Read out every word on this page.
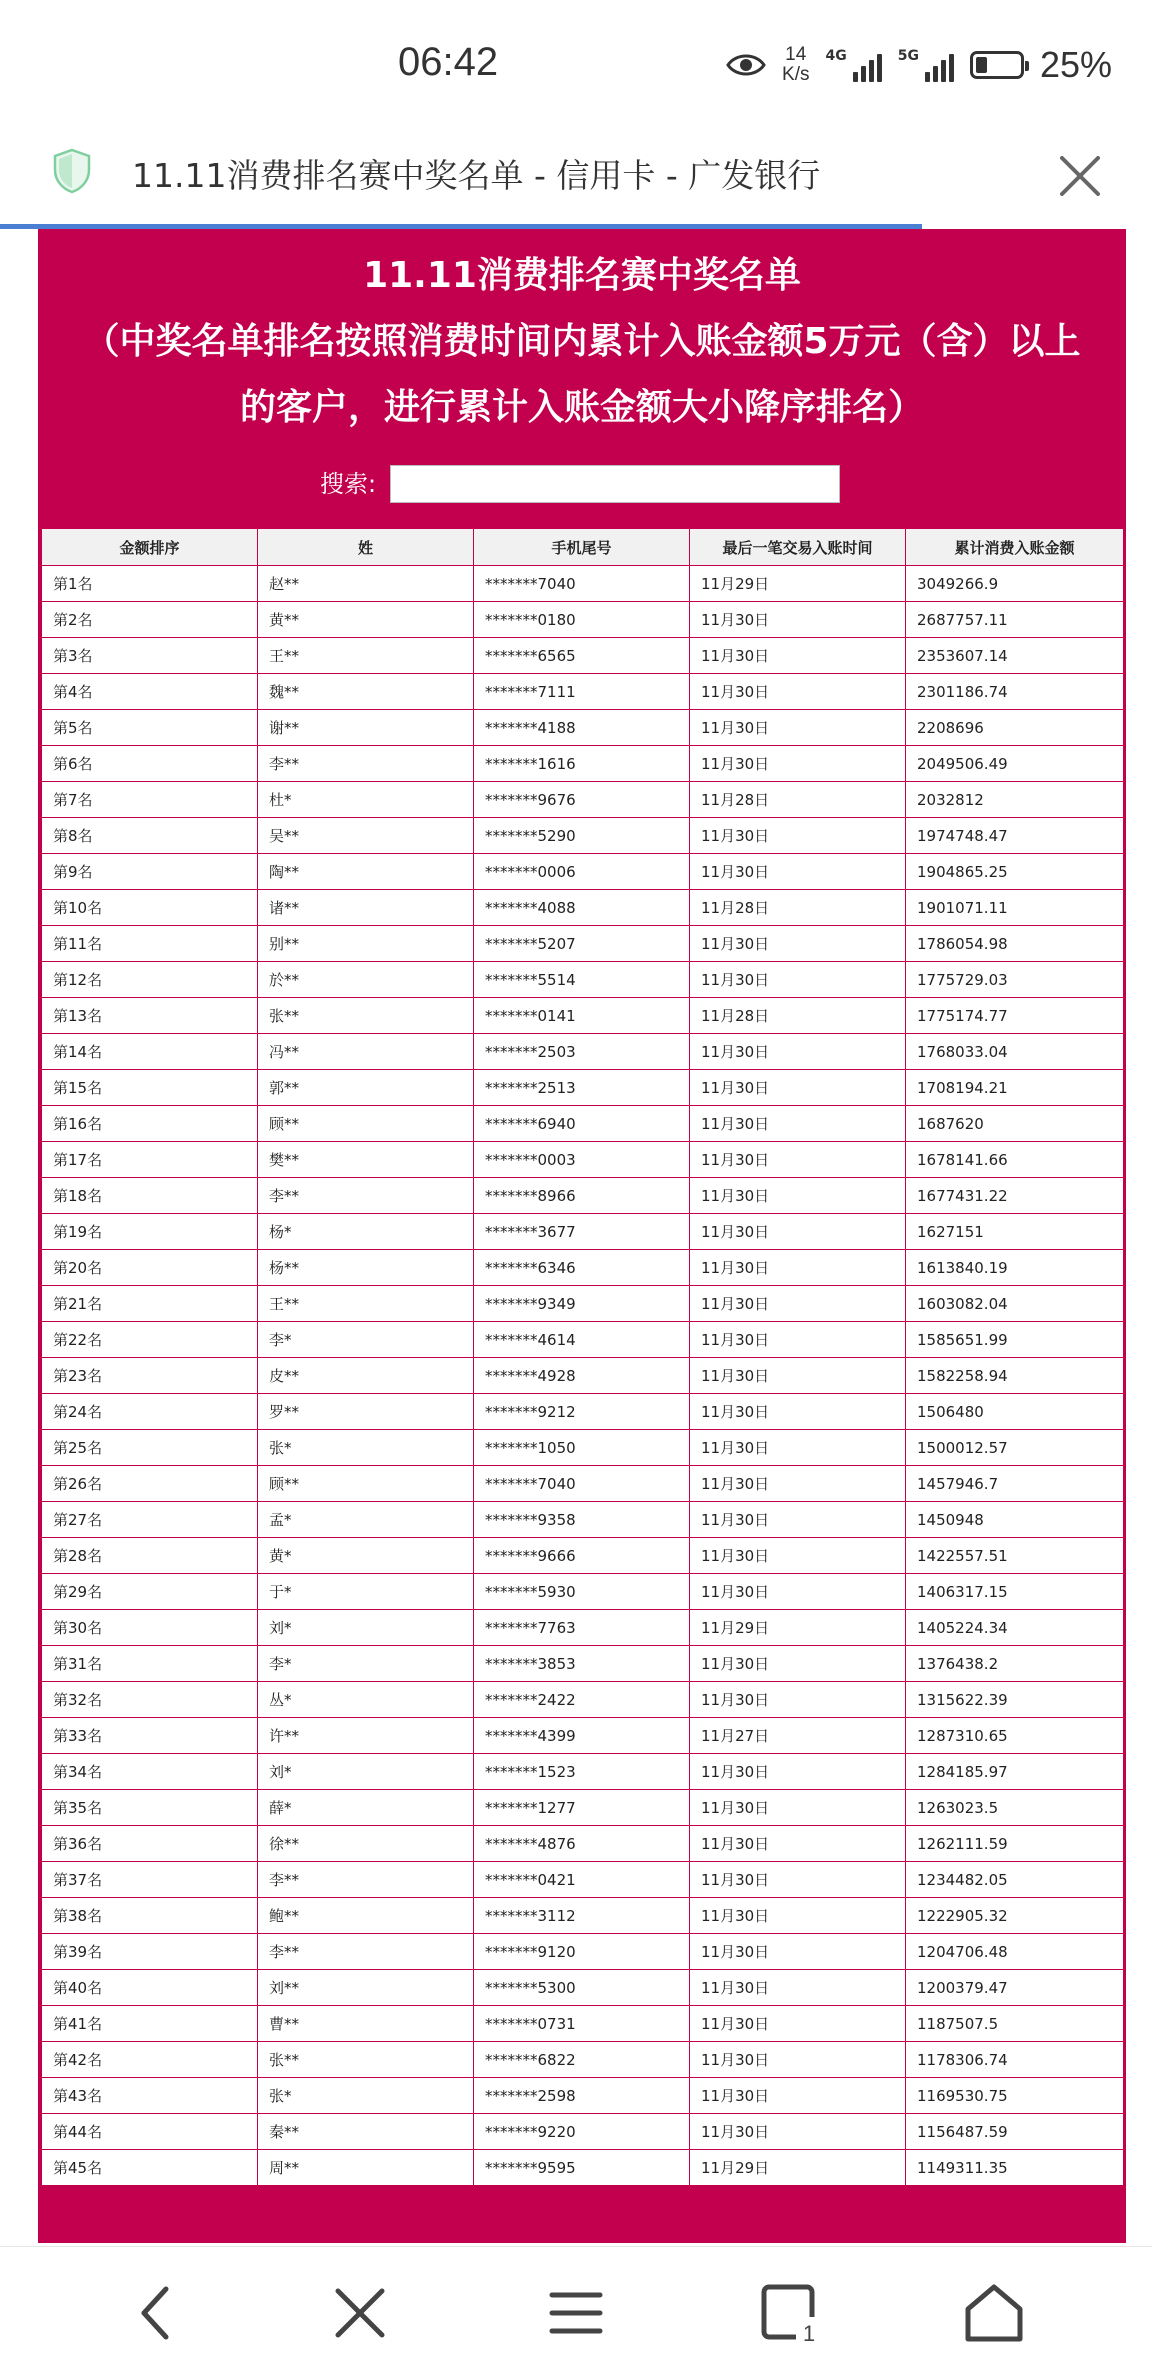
06:42	14
K/s
4G	5G	25%
11.11消费排名赛中奖名单 - 信用卡 - 广发银行
11.11消费排名赛中奖名单
（中奖名单排名按照消费时间内累计入账金额5万元（含）以上
的客户，进行累计入账金额大小降序排名）
搜索:
金额排序	姓	手机尾号	最后一笔交易入账时间	累计消费入账金额
第1名	赵**	*******7040	11月29日	3049266.9
第2名	黄**	*******0180	11月30日	2687757.11
第3名	王**	*******6565	11月30日	2353607.14
第4名	魏**	*******7111	11月30日	2301186.74
第5名	谢**	*******4188	11月30日	2208696
第6名	李**	*******1616	11月30日	2049506.49
第7名	杜*	*******9676	11月28日	2032812
第8名	吴**	*******5290	11月30日	1974748.47
第9名	陶**	*******0006	11月30日	1904865.25
第10名	诸**	*******4088	11月28日	1901071.11
第11名	别**	*******5207	11月30日	1786054.98
第12名	於**	*******5514	11月30日	1775729.03
第13名	张**	*******0141	11月28日	1775174.77
第14名	冯**	*******2503	11月30日	1768033.04
第15名	郭**	*******2513	11月30日	1708194.21
第16名	顾**	*******6940	11月30日	1687620
第17名	樊**	*******0003	11月30日	1678141.66
第18名	李**	*******8966	11月30日	1677431.22
第19名	杨*	*******3677	11月30日	1627151
第20名	杨**	*******6346	11月30日	1613840.19
第21名	王**	*******9349	11月30日	1603082.04
第22名	李*	*******4614	11月30日	1585651.99
第23名	皮**	*******4928	11月30日	1582258.94
第24名	罗**	*******9212	11月30日	1506480
第25名	张*	*******1050	11月30日	1500012.57
第26名	顾**	*******7040	11月30日	1457946.7
第27名	孟*	*******9358	11月30日	1450948
第28名	黄*	*******9666	11月30日	1422557.51
第29名	于*	*******5930	11月30日	1406317.15
第30名	刘*	*******7763	11月29日	1405224.34
第31名	李*	*******3853	11月30日	1376438.2
第32名	丛*	*******2422	11月30日	1315622.39
第33名	许**	*******4399	11月27日	1287310.65
第34名	刘*	*******1523	11月30日	1284185.97
第35名	薛*	*******1277	11月30日	1263023.5
第36名	徐**	*******4876	11月30日	1262111.59
第37名	李**	*******0421	11月30日	1234482.05
第38名	鲍**	*******3112	11月30日	1222905.32
第39名	李**	*******9120	11月30日	1204706.48
第40名	刘**	*******5300	11月30日	1200379.47
第41名	曹**	*******0731	11月30日	1187507.5
第42名	张**	*******6822	11月30日	1178306.74
第43名	张*	*******2598	11月30日	1169530.75
第44名	秦**	*******9220	11月30日	1156487.59
第45名	周**	*******9595	11月29日	1149311.35
1
